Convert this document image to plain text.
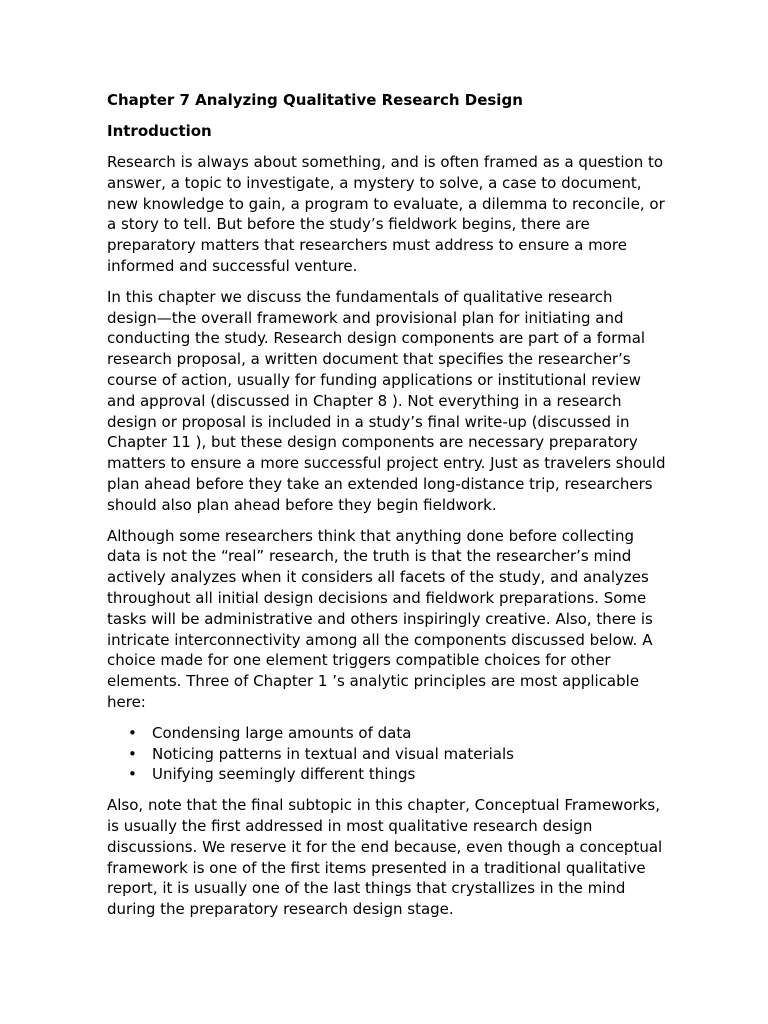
Chapter 7 Analyzing Qualitative Research Design
Introduction

Research is always about something, and is often framed as a question to answer, a topic to investigate, a mystery to solve, a case to document, new knowledge to gain, a program to evaluate, a dilemma to reconcile, or a story to tell. But before the study’s fieldwork begins, there are preparatory matters that researchers must address to ensure a more informed and successful venture.

In this chapter we discuss the fundamentals of qualitative research design—the overall framework and provisional plan for initiating and conducting the study. Research design components are part of a formal research proposal, a written document that specifies the researcher’s course of action, usually for funding applications or institutional review and approval (discussed in Chapter 8 ). Not everything in a research design or proposal is included in a study’s final write-up (discussed in Chapter 11 ), but these design components are necessary preparatory matters to ensure a more successful project entry. Just as travelers should plan ahead before they take an extended long-distance trip, researchers should also plan ahead before they begin fieldwork.

Although some researchers think that anything done before collecting data is not the “real” research, the truth is that the researcher’s mind actively analyzes when it considers all facets of the study, and analyzes throughout all initial design decisions and fieldwork preparations. Some tasks will be administrative and others inspiringly creative. Also, there is intricate interconnectivity among all the components discussed below. A choice made for one element triggers compatible choices for other elements. Three of Chapter 1 ’s analytic principles are most applicable here:

• Condensing large amounts of data
• Noticing patterns in textual and visual materials
• Unifying seemingly different things

Also, note that the final subtopic in this chapter, Conceptual Frameworks, is usually the first addressed in most qualitative research design discussions. We reserve it for the end because, even though a conceptual framework is one of the first items presented in a traditional qualitative report, it is usually one of the last things that crystallizes in the mind during the preparatory research design stage.
